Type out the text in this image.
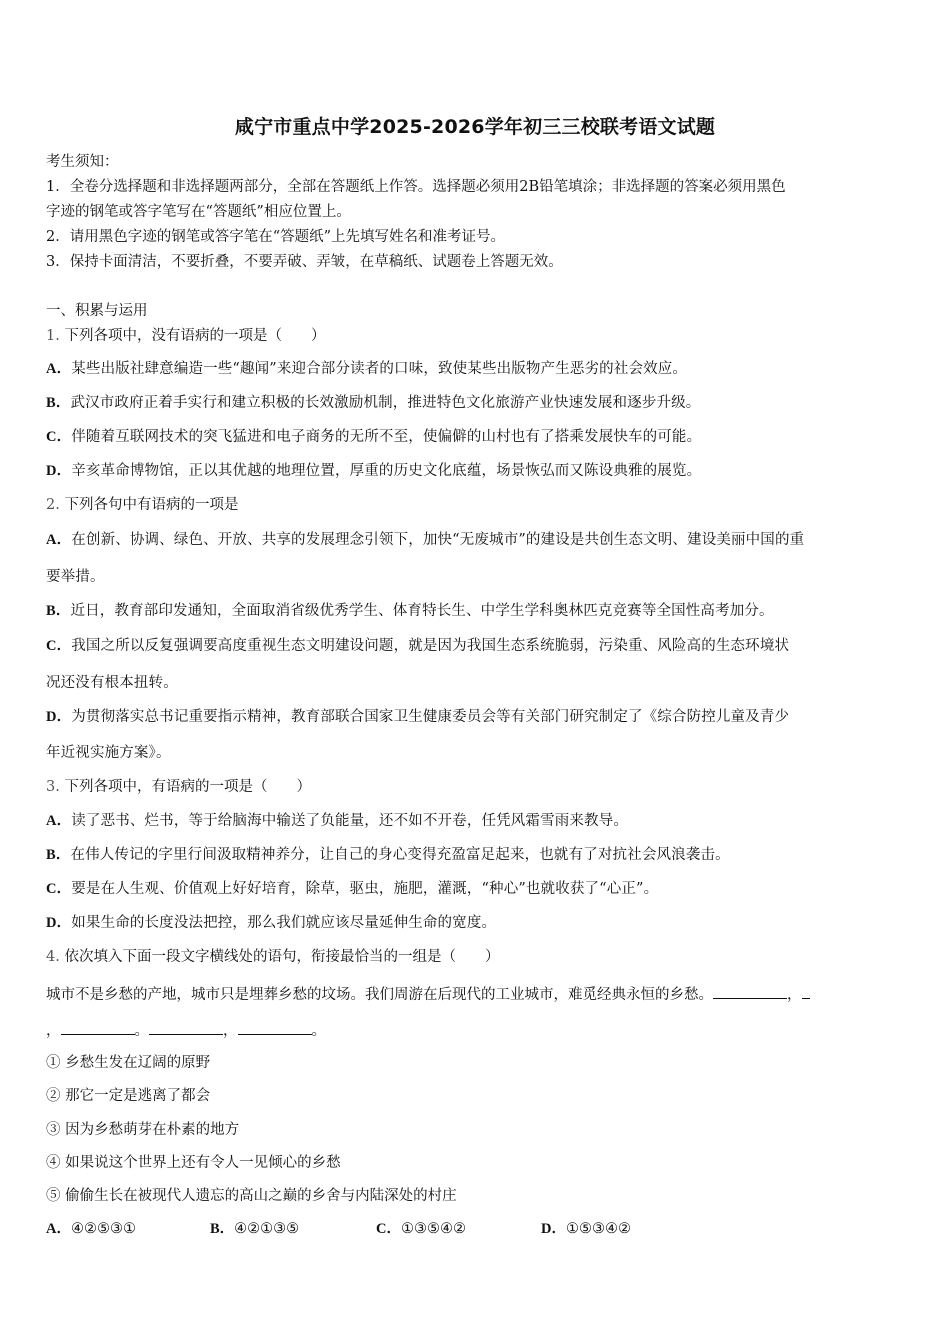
咸宁市重点中学2025-2026学年初三三校联考语文试题
考生须知：
1．全卷分选择题和非选择题两部分，全部在答题纸上作答。选择题必须用2B铅笔填涂；非选择题的答案必须用黑色
字迹的钢笔或答字笔写在“答题纸”相应位置上。
2．请用黑色字迹的钢笔或答字笔在“答题纸”上先填写姓名和准考证号。
3．保持卡面清洁，不要折叠，不要弄破、弄皱，在草稿纸、试题卷上答题无效。
一、积累与运用
1. 下列各项中，没有语病的一项是（　　）
A．某些出版社肆意编造一些“趣闻”来迎合部分读者的口味，致使某些出版物产生恶劣的社会效应。
B．武汉市政府正着手实行和建立积极的长效激励机制，推进特色文化旅游产业快速发展和逐步升级。
C．伴随着互联网技术的突飞猛进和电子商务的无所不至，使偏僻的山村也有了搭乘发展快车的可能。
D．辛亥革命博物馆，正以其优越的地理位置，厚重的历史文化底蕴，场景恢弘而又陈设典雅的展览。
2. 下列各句中有语病的一项是
A．在创新、协调、绿色、开放、共享的发展理念引领下，加快“无废城市”的建设是共创生态文明、建设美丽中国的重
要举措。
B．近日，教育部印发通知，全面取消省级优秀学生、体育特长生、中学生学科奥林匹克竞赛等全国性高考加分。
C．我国之所以反复强调要高度重视生态文明建设问题，就是因为我国生态系统脆弱，污染重、风险高的生态环境状
况还没有根本扭转。
D．为贯彻落实总书记重要指示精神，教育部联合国家卫生健康委员会等有关部门研究制定了《综合防控儿童及青少
年近视实施方案》。
3. 下列各项中，有语病的一项是（　　）
A．读了恶书、烂书，等于给脑海中输送了负能量，还不如不开卷，任凭风霜雪雨来教导。
B．在伟人传记的字里行间汲取精神养分，让自己的身心变得充盈富足起来，也就有了对抗社会风浪袭击。
C．要是在人生观、价值观上好好培育，除草，驱虫，施肥，灌溉，“种心”也就收获了“心正”。
D．如果生命的长度没法把控，那么我们就应该尽量延伸生命的宽度。
4. 依次填入下面一段文字横线处的语句，衔接最恰当的一组是（　　）
城市不是乡愁的产地，城市只是埋葬乡愁的坟场。我们周游在后现代的工业城市，难觅经典永恒的乡愁。	，
，	。	，	。
① 乡愁生发在辽阔的原野
② 那它一定是逃离了都会
③ 因为乡愁萌芽在朴素的地方
④ 如果说这个世界上还有令人一见倾心的乡愁
⑤ 偷偷生长在被现代人遗忘的高山之巅的乡舍与内陆深处的村庄
A．④②⑤③①	B．④②①③⑤	C．①③⑤④②	D．①⑤③④②
